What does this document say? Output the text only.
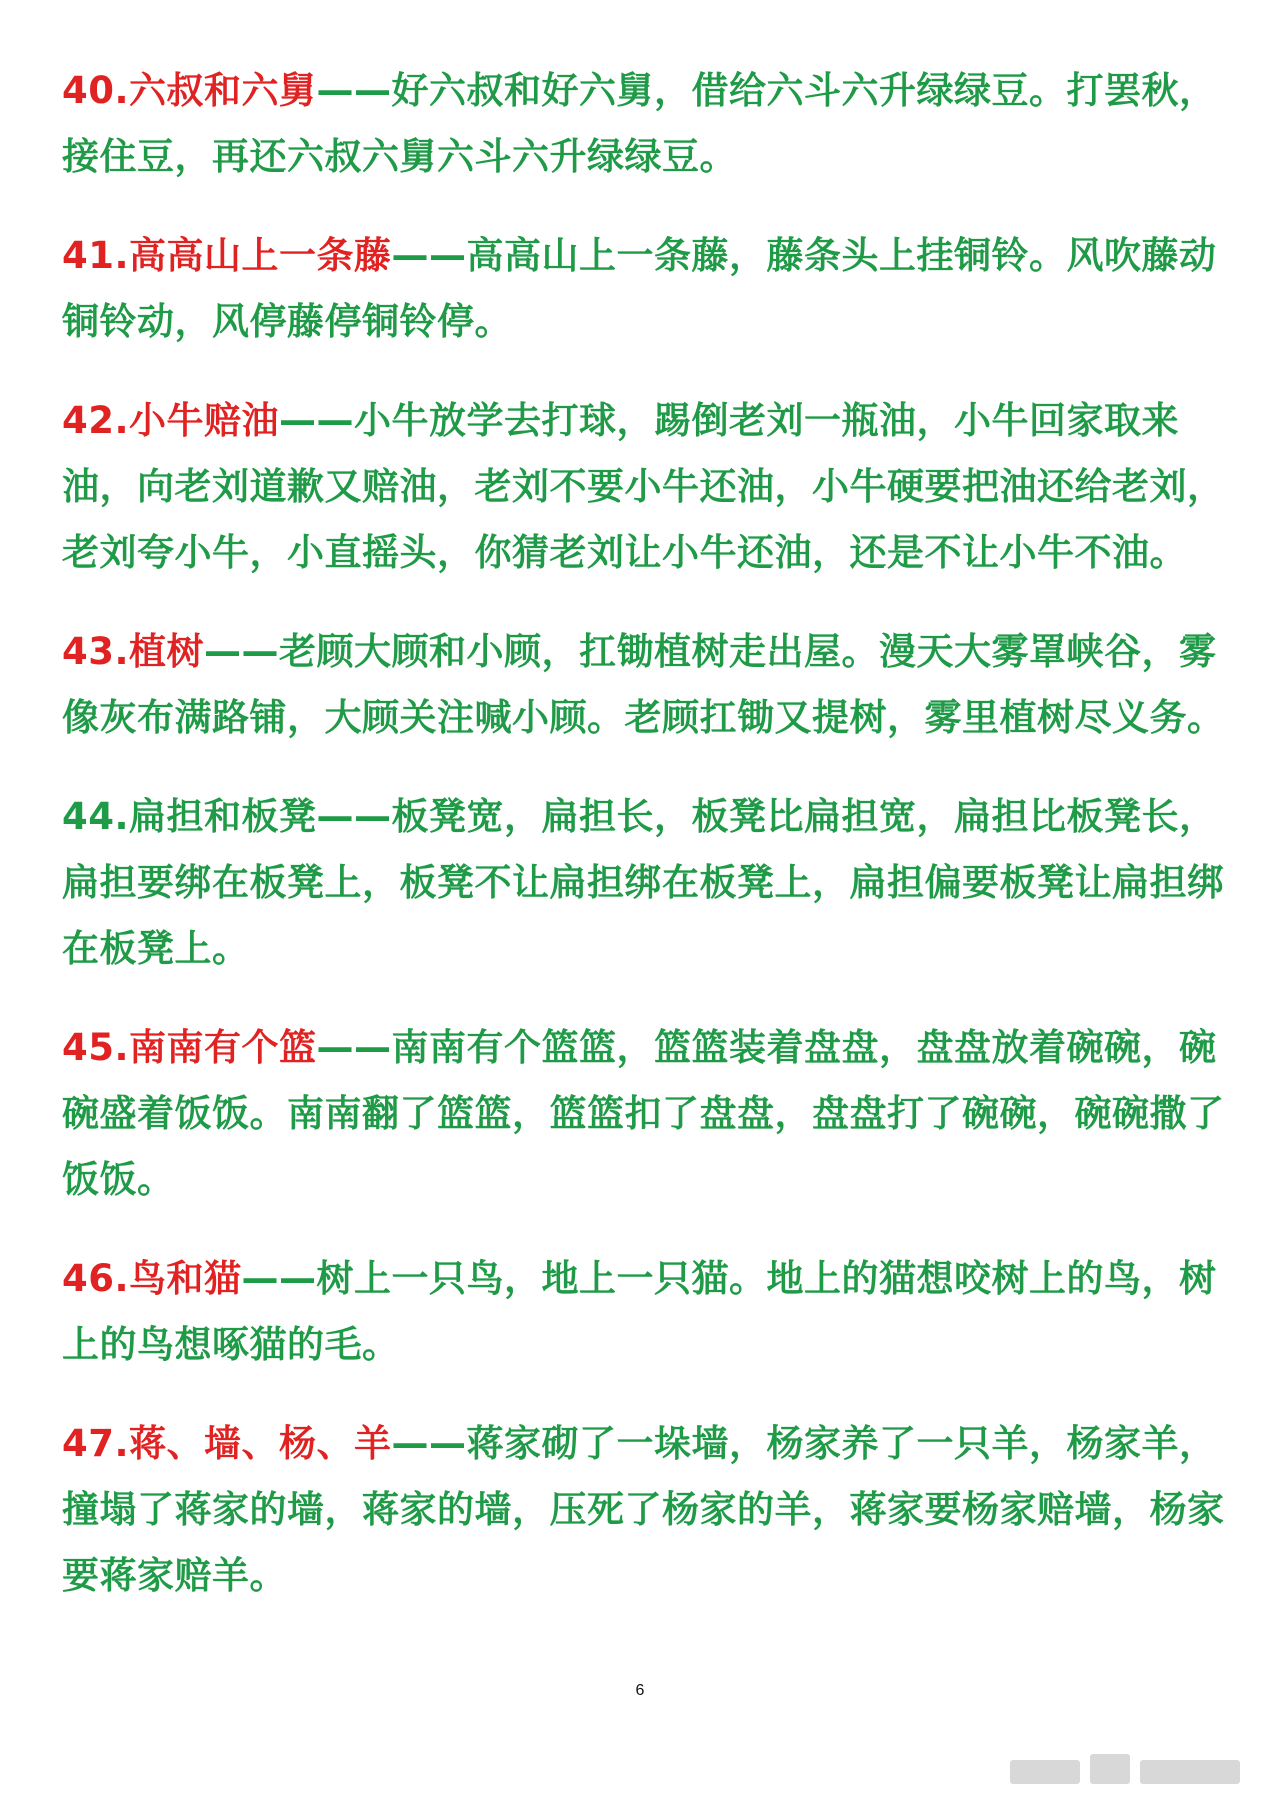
40.六叔和六舅——好六叔和好六舅，借给六斗六升绿绿豆。打罢秋，接住豆，再还六叔六舅六斗六升绿绿豆。
41.高高山上一条藤——高高山上一条藤，藤条头上挂铜铃。风吹藤动铜铃动，风停藤停铜铃停。
42.小牛赔油——小牛放学去打球，踢倒老刘一瓶油，小牛回家取来油，向老刘道歉又赔油，老刘不要小牛还油，小牛硬要把油还给老刘，老刘夸小牛，小直摇头，你猜老刘让小牛还油，还是不让小牛不油。
43.植树——老顾大顾和小顾，扛锄植树走出屋。漫天大雾罩峡谷，雾像灰布满路铺，大顾关注喊小顾。老顾扛锄又提树，雾里植树尽义务。
44.扁担和板凳——板凳宽，扁担长，板凳比扁担宽，扁担比板凳长，扁担要绑在板凳上，板凳不让扁担绑在板凳上，扁担偏要板凳让扁担绑在板凳上。
45.南南有个篮——南南有个篮篮，篮篮装着盘盘，盘盘放着碗碗，碗碗盛着饭饭。南南翻了篮篮，篮篮扣了盘盘，盘盘打了碗碗，碗碗撒了饭饭。
46.鸟和猫——树上一只鸟，地上一只猫。地上的猫想咬树上的鸟，树上的鸟想啄猫的毛。
47.蒋、墙、杨、羊——蒋家砌了一垛墙，杨家养了一只羊，杨家羊，撞塌了蒋家的墙，蒋家的墙，压死了杨家的羊，蒋家要杨家赔墙，杨家要蒋家赔羊。
6
